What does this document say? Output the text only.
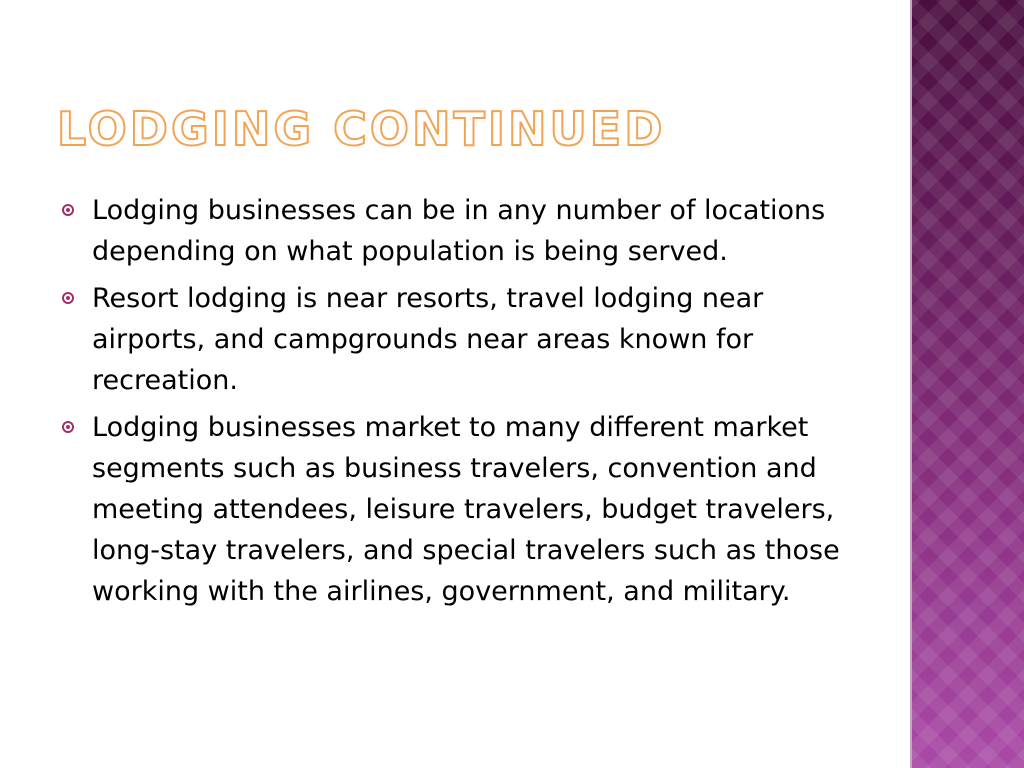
LODGING CONTINUED
Lodging businesses can be in any number of locations depending on what population is being served.
Resort lodging is near resorts, travel lodging near airports, and campgrounds near areas known for recreation.
Lodging businesses market to many different market segments such as business travelers, convention and meeting attendees, leisure travelers, budget travelers, long-stay travelers, and special travelers such as those working with the airlines, government, and military.
